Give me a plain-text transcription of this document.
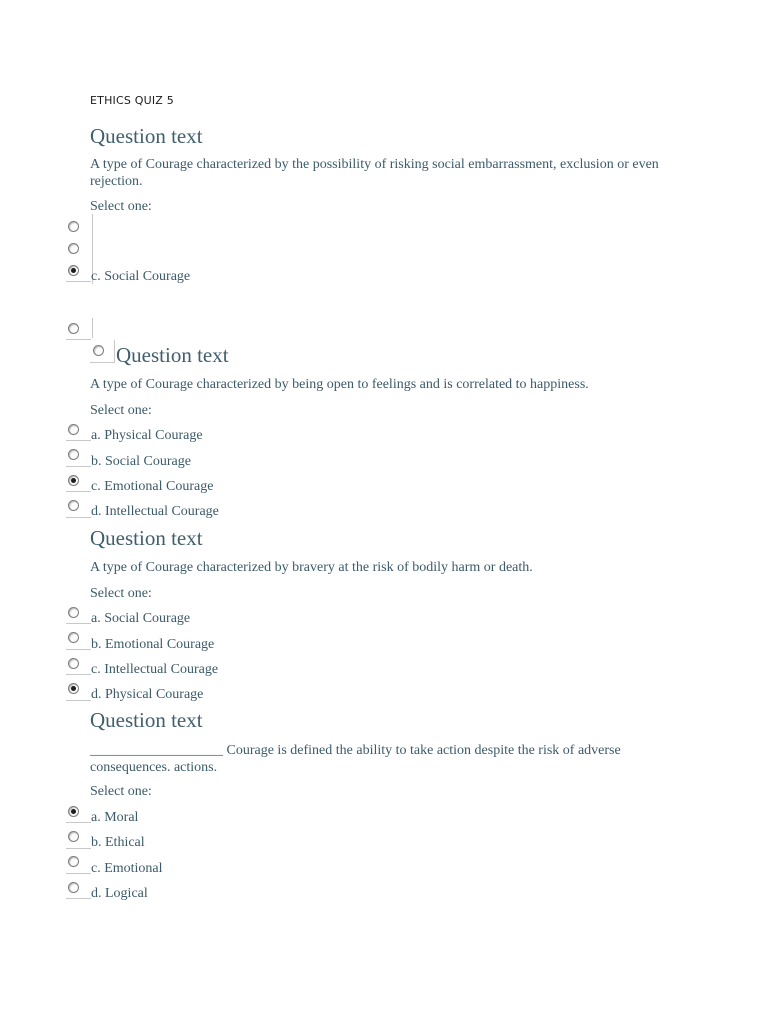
ETHICS QUIZ 5
Question text
A type of Courage characterized by the possibility of risking social embarrassment, exclusion or even rejection.
Select one:
c. Social Courage
Question text
A type of Courage characterized by being open to feelings and is correlated to happiness.
Select one:
a. Physical Courage
b. Social Courage
c. Emotional Courage
d. Intellectual Courage
Question text
A type of Courage characterized by bravery at the risk of bodily harm or death.
Select one:
a. Social Courage
b. Emotional Courage
c. Intellectual Courage
d. Physical Courage
Question text
___________________ Courage is defined the ability to take action despite the risk of adverse consequences. actions.
Select one:
a. Moral
b. Ethical
c. Emotional
d. Logical
